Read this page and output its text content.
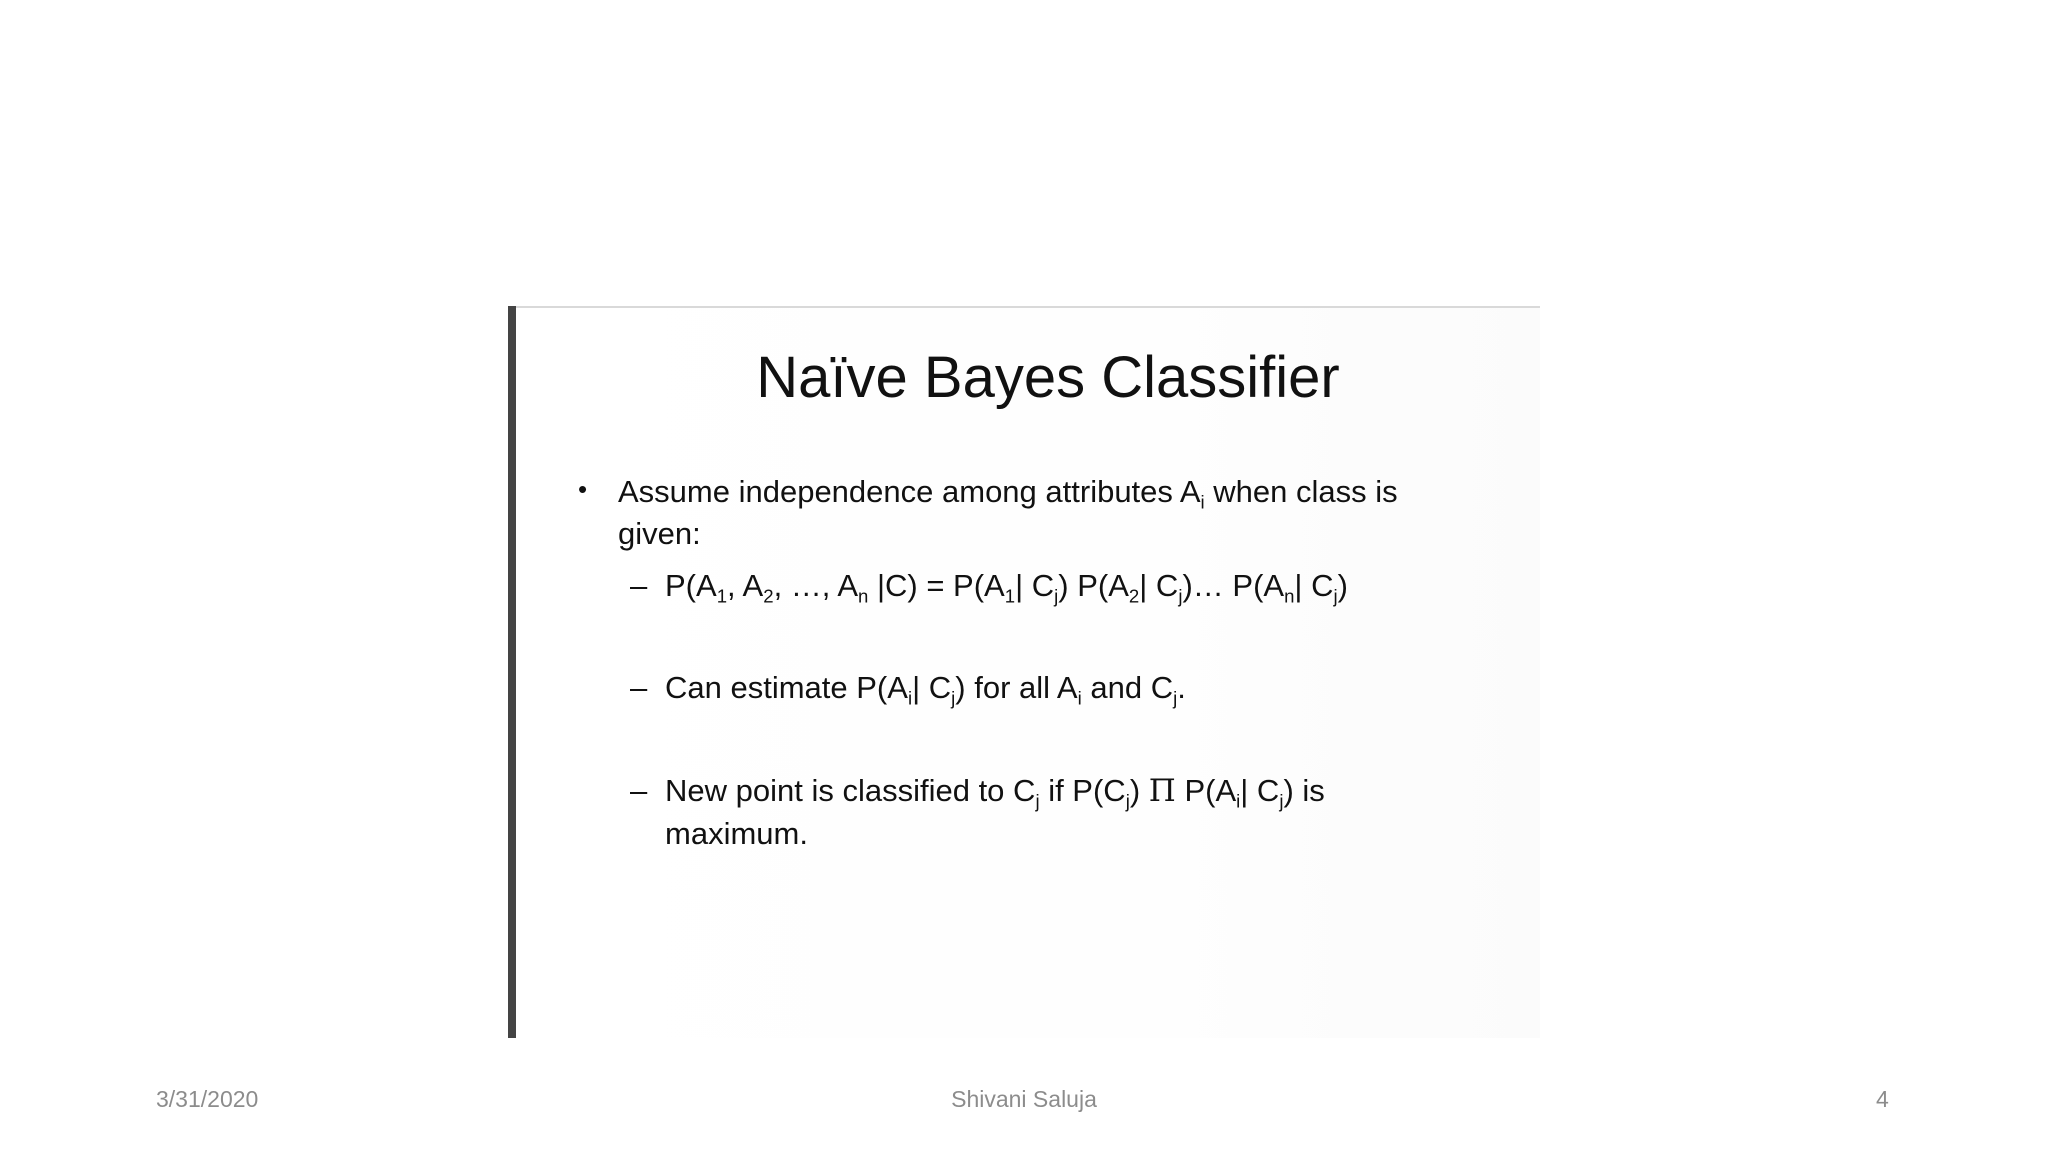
Naïve Bayes Classifier
• Assume independence among attributes $A_i$ when class is
given:
– $P(A_1$, $A_2$, …, $A_n$ $|C) = P(A_1|$ $C_j$) $P(A_2|$ $C_j)\dots$ $P(A_n|$ $C_j$)
– Can estimate $P(A_i|$ $C_j$) for all $A_i$ and $C_j$.
– New point is classified to $C_j$ if $P(C_j)$ Π $P(A_i|$ $C_j$) is
maximum.
3/31/2020	Shivani Saluja	4
